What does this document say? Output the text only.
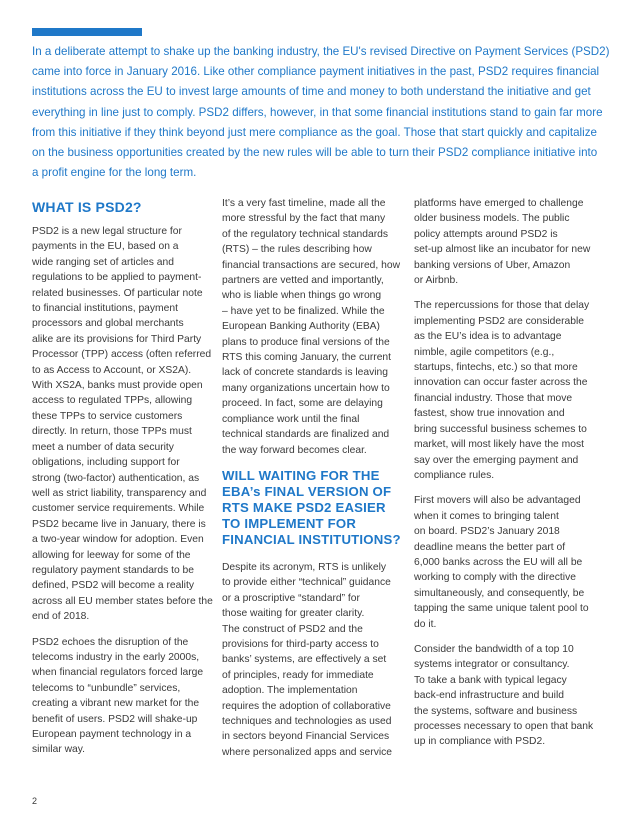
In a deliberate attempt to shake up the banking industry, the EU's revised Directive on Payment Services (PSD2)
came into force in January 2016. Like other compliance payment initiatives in the past, PSD2 requires financial
institutions across the EU to invest large amounts of time and money to both understand the initiative and get
everything in line just to comply. PSD2 differs, however, in that some financial institutions stand to gain far more
from this initiative if they think beyond just mere compliance as the goal. Those that start quickly and capitalize
on the business opportunities created by the new rules will be able to turn their PSD2 compliance initiative into
a profit engine for the long term.
WHAT IS PSD2?
PSD2 is a new legal structure for
payments in the EU, based on a
wide ranging set of articles and
regulations to be applied to payment-
related businesses. Of particular note
to financial institutions, payment
processors and global merchants
alike are its provisions for Third Party
Processor (TPP) access (often referred
to as Access to Account, or XS2A).
With XS2A, banks must provide open
access to regulated TPPs, allowing
these TPPs to service customers
directly. In return, those TPPs must
meet a number of data security
obligations, including support for
strong (two-factor) authentication, as
well as strict liability, transparency and
customer service requirements. While
PSD2 became live in January, there is
a two-year window for adoption. Even
allowing for leeway for some of the
regulatory payment standards to be
defined, PSD2 will become a reality
across all EU member states before the
end of 2018.
PSD2 echoes the disruption of the
telecoms industry in the early 2000s,
when financial regulators forced large
telecoms to “unbundle” services,
creating a vibrant new market for the
benefit of users. PSD2 will shake-up
European payment technology in a
similar way.
It’s a very fast timeline, made all the
more stressful by the fact that many
of the regulatory technical standards
(RTS) – the rules describing how
financial transactions are secured, how
partners are vetted and importantly,
who is liable when things go wrong
– have yet to be finalized. While the
European Banking Authority (EBA)
plans to produce final versions of the
RTS this coming January, the current
lack of concrete standards is leaving
many organizations uncertain how to
proceed. In fact, some are delaying
compliance work until the final
technical standards are finalized and
the way forward becomes clear.
WILL WAITING FOR THE
EBA’s FINAL VERSION OF
RTS MAKE PSD2 EASIER
TO IMPLEMENT FOR
FINANCIAL INSTITUTIONS?
Despite its acronym, RTS is unlikely
to provide either “technical” guidance
or a proscriptive “standard” for
those waiting for greater clarity.
The construct of PSD2 and the
provisions for third-party access to
banks’ systems, are effectively a set
of principles, ready for immediate
adoption. The implementation
requires the adoption of collaborative
techniques and technologies as used
in sectors beyond Financial Services
where personalized apps and service
platforms have emerged to challenge
older business models. The public
policy attempts around PSD2 is
set-up almost like an incubator for new
banking versions of Uber, Amazon
or Airbnb.
The repercussions for those that delay
implementing PSD2 are considerable
as the EU’s idea is to advantage
nimble, agile competitors (e.g.,
startups, fintechs, etc.) so that more
innovation can occur faster across the
financial industry. Those that move
fastest, show true innovation and
bring successful business schemes to
market, will most likely have the most
say over the emerging payment and
compliance rules.
First movers will also be advantaged
when it comes to bringing talent
on board. PSD2’s January 2018
deadline means the better part of
6,000 banks across the EU will all be
working to comply with the directive
simultaneously, and consequently, be
tapping the same unique talent pool to
do it.
Consider the bandwidth of a top 10
systems integrator or consultancy.
To take a bank with typical legacy
back-end infrastructure and build
the systems, software and business
processes necessary to open that bank
up in compliance with PSD2.
2
